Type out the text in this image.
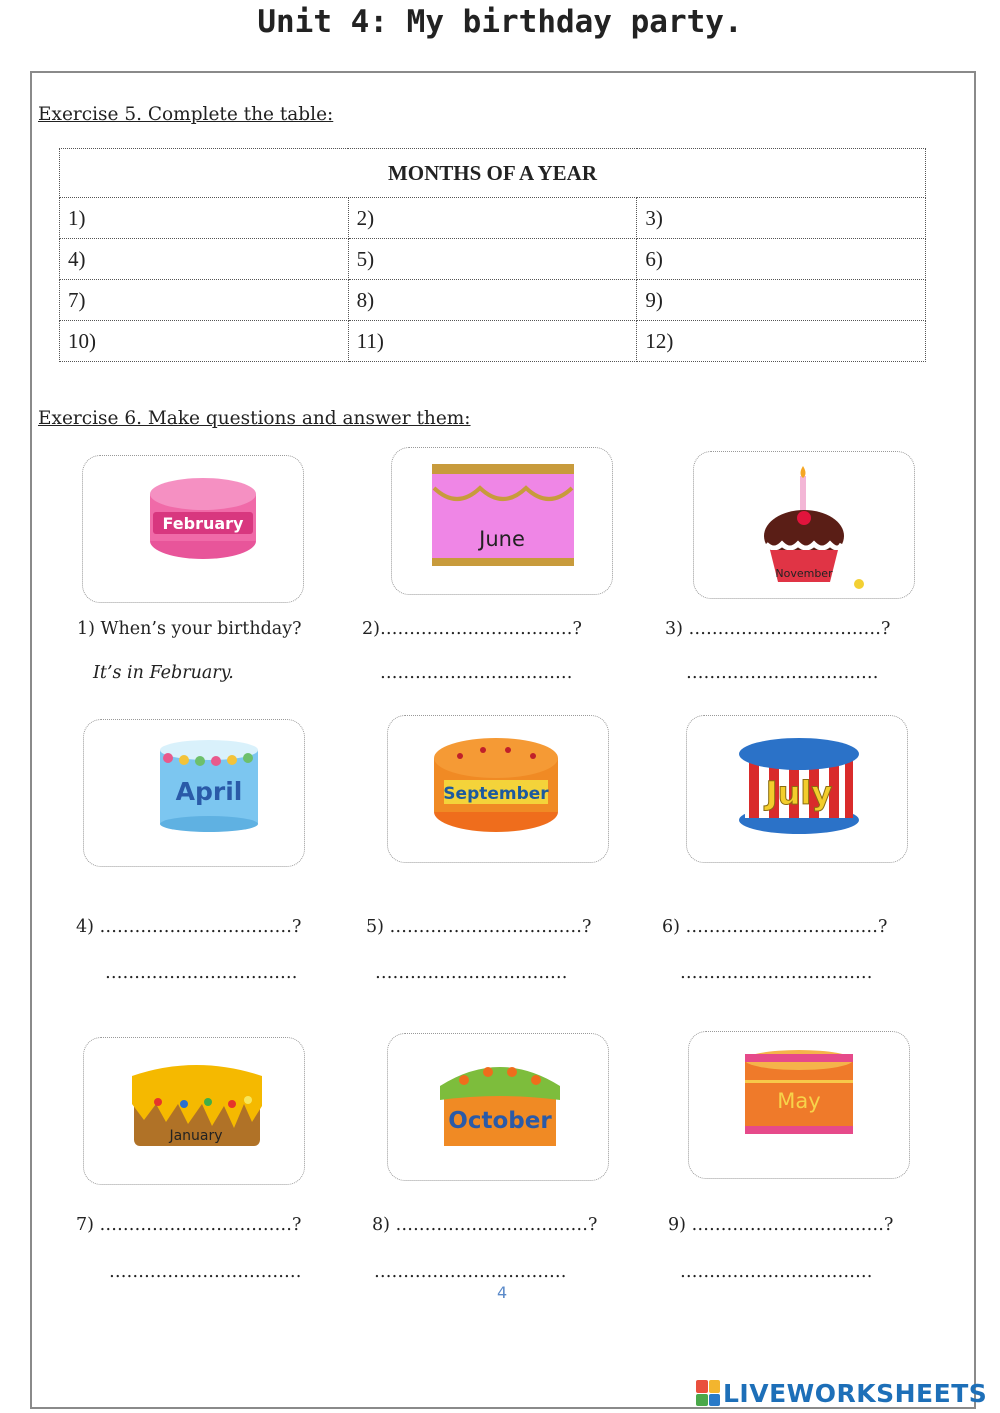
Unit 4: My birthday party.
Exercise 5. Complete the table:
MONTHS OF A YEAR		
1)	2)	3)
4)	5)	6)
7)	8)	9)
10)	11)	12)
Exercise 6. Make questions and answer them:
February
June
November
1) When’s your birthday?	2)……………………………?	3) ……………………………?
It’s in February.	……………………………	……………………………
April	September	July
4) ……………………………?	5) ……………………………?	6) ……………………………?
……………………………	……………………………	……………………………
January
October
May
7) ……………………………?	8) ……………………………?	9) ……………………………?
……………………………	……………………………	……………………………
4
LIVEWORKSHEETS
